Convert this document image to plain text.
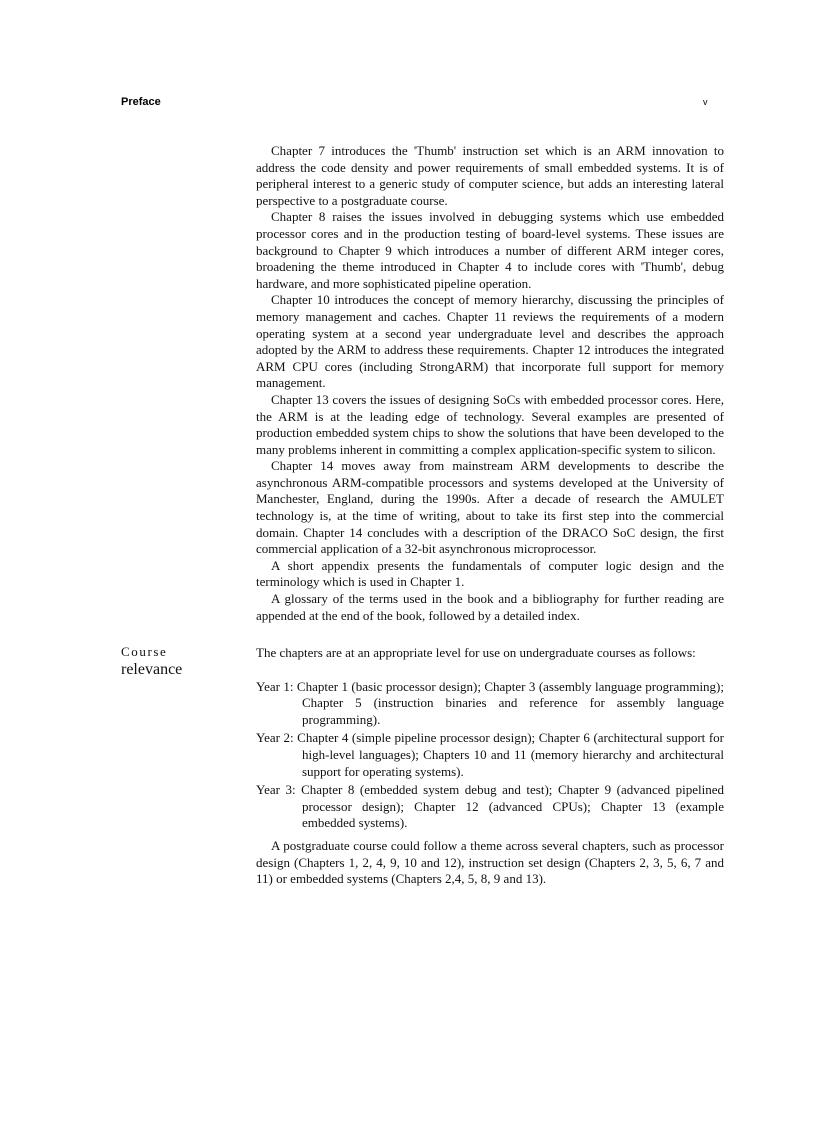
Preface	v

Chapter 7 introduces the 'Thumb' instruction set which is an ARM innovation to address the code density and power requirements of small embedded systems. It is of peripheral interest to a generic study of computer science, but adds an interesting lateral perspective to a postgraduate course.

Chapter 8 raises the issues involved in debugging systems which use embedded processor cores and in the production testing of board-level systems. These issues are background to Chapter 9 which introduces a number of different ARM integer cores, broadening the theme introduced in Chapter 4 to include cores with 'Thumb', debug hardware, and more sophisticated pipeline operation.

Chapter 10 introduces the concept of memory hierarchy, discussing the principles of memory management and caches. Chapter 11 reviews the requirements of a modern operating system at a second year undergraduate level and describes the approach adopted by the ARM to address these requirements. Chapter 12 introduces the integrated ARM CPU cores (including StrongARM) that incorporate full support for memory management.

Chapter 13 covers the issues of designing SoCs with embedded processor cores. Here, the ARM is at the leading edge of technology. Several examples are presented of production embedded system chips to show the solutions that have been developed to the many problems inherent in committing a complex application-specific system to silicon.

Chapter 14 moves away from mainstream ARM developments to describe the asynchronous ARM-compatible processors and systems developed at the University of Manchester, England, during the 1990s. After a decade of research the AMULET technology is, at the time of writing, about to take its first step into the commercial domain. Chapter 14 concludes with a description of the DRACO SoC design, the first commercial application of a 32-bit asynchronous microprocessor.

A short appendix presents the fundamentals of computer logic design and the terminology which is used in Chapter 1.

A glossary of the terms used in the book and a bibliography for further reading are appended at the end of the book, followed by a detailed index.

Course
relevance

The chapters are at an appropriate level for use on undergraduate courses as follows:

Year 1: Chapter 1 (basic processor design); Chapter 3 (assembly language programming); Chapter 5 (instruction binaries and reference for assembly language programming).
Year 2: Chapter 4 (simple pipeline processor design); Chapter 6 (architectural support for high-level languages); Chapters 10 and 11 (memory hierarchy and architectural support for operating systems).
Year 3: Chapter 8 (embedded system debug and test); Chapter 9 (advanced pipelined processor design); Chapter 12 (advanced CPUs); Chapter 13 (example embedded systems).

A postgraduate course could follow a theme across several chapters, such as processor design (Chapters 1, 2, 4, 9, 10 and 12), instruction set design (Chapters 2, 3, 5, 6, 7 and 11) or embedded systems (Chapters 2,4, 5, 8, 9 and 13).
